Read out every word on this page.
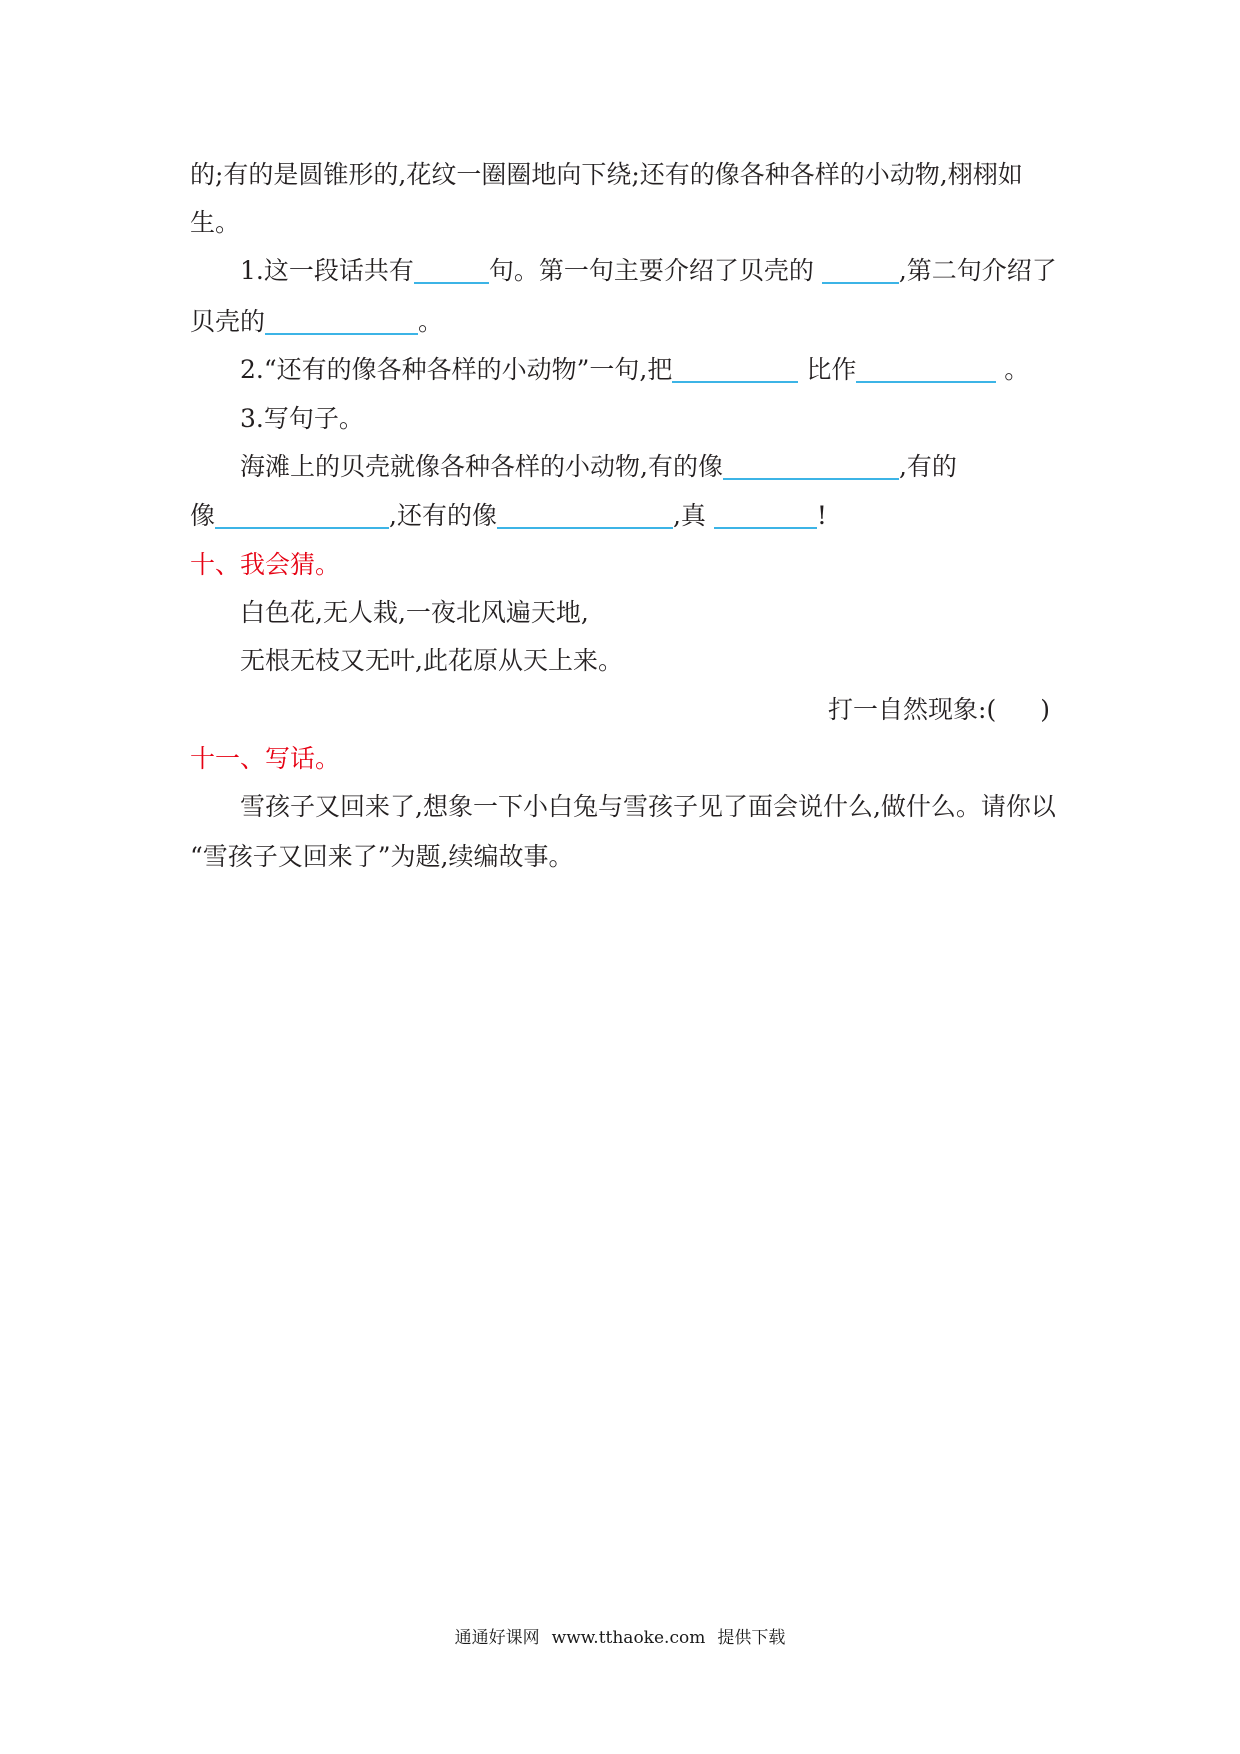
的;有的是圆锥形的,花纹一圈圈地向下绕;还有的像各种各样的小动物,栩栩如
生。
1.这一段话共有	句。第一句主要介绍了贝壳的	,第二句介绍了
贝壳的	。
2.“还有的像各种各样的小动物”一句,把	比作	。
3.写句子。
海滩上的贝壳就像各种各样的小动物,有的像	,有的
像	,还有的像	,真	!
十、我会猜。
白色花,无人栽,一夜北风遍天地,
无根无枝又无叶,此花原从天上来。
打一自然现象:( )
十一、写话。
雪孩子又回来了,想象一下小白兔与雪孩子见了面会说什么,做什么。请你以
“雪孩子又回来了”为题,续编故事。
通通好课网 www.tthaoke.com 提供下载
